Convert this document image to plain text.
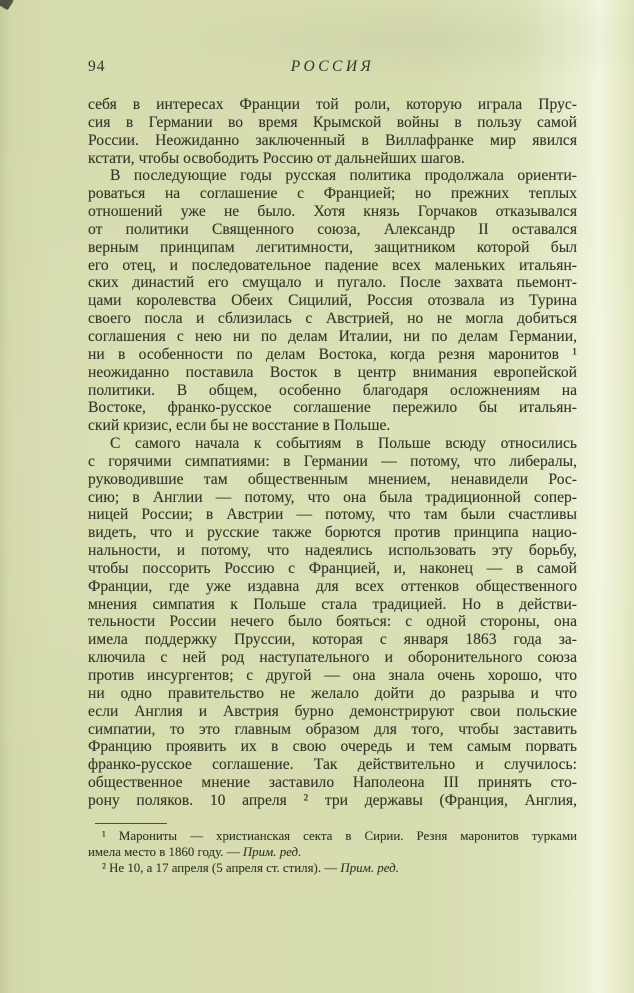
94	РОССИЯ
себя в интересах Франции той роли, которую играла Прус-
сия в Германии во время Крымской войны в пользу самой
России. Неожиданно заключенный в Виллафранке мир явился
кстати, чтобы освободить Россию от дальнейших шагов.
В последующие годы русская политика продолжала ориенти-
роваться на соглашение с Францией; но прежних теплых
отношений уже не было. Хотя князь Горчаков отказывался
от политики Священного союза, Александр II оставался
верным принципам легитимности, защитником которой был
его отец, и последовательное падение всех маленьких итальян-
ских династий его смущало и пугало. После захвата пьемонт-
цами королевства Обеих Сицилий, Россия отозвала из Турина
своего посла и сблизилась с Австрией, но не могла добиться
соглашения с нею ни по делам Италии, ни по делам Германии,
ни в особенности по делам Востока, когда резня маронитов ¹
неожиданно поставила Восток в центр внимания европейской
политики. В общем, особенно благодаря осложнениям на
Востоке, франко-русское соглашение пережило бы итальян-
ский кризис, если бы не восстание в Польше.
С самого начала к событиям в Польше всюду относились
с горячими симпатиями: в Германии — потому, что либералы,
руководившие там общественным мнением, ненавидели Рос-
сию; в Англии — потому, что она была традиционной сопер-
ницей России; в Австрии — потому, что там были счастливы
видеть, что и русские также борются против принципа нацио-
нальности, и потому, что надеялись использовать эту борьбу,
чтобы поссорить Россию с Францией, и, наконец — в самой
Франции, где уже издавна для всех оттенков общественного
мнения симпатия к Польше стала традицией. Но в действи-
тельности России нечего было бояться: с одной стороны, она
имела поддержку Пруссии, которая с января 1863 года за-
ключила с ней род наступательного и оборонительного союза
против инсургентов; с другой — она знала очень хорошо, что
ни одно правительство не желало дойти до разрыва и что
если Англия и Австрия бурно демонстрируют свои польские
симпатии, то это главным образом для того, чтобы заставить
Францию проявить их в свою очередь и тем самым порвать
франко-русское соглашение. Так действительно и случилось:
общественное мнение заставило Наполеона III принять сто-
рону поляков. 10 апреля ² три державы (Франция, Англия,
¹ Марониты — христианская секта в Сирии. Резня маронитов турками
имела место в 1860 году. — Прим. ред.
² Не 10, а 17 апреля (5 апреля ст. стиля). — Прим. ред.
